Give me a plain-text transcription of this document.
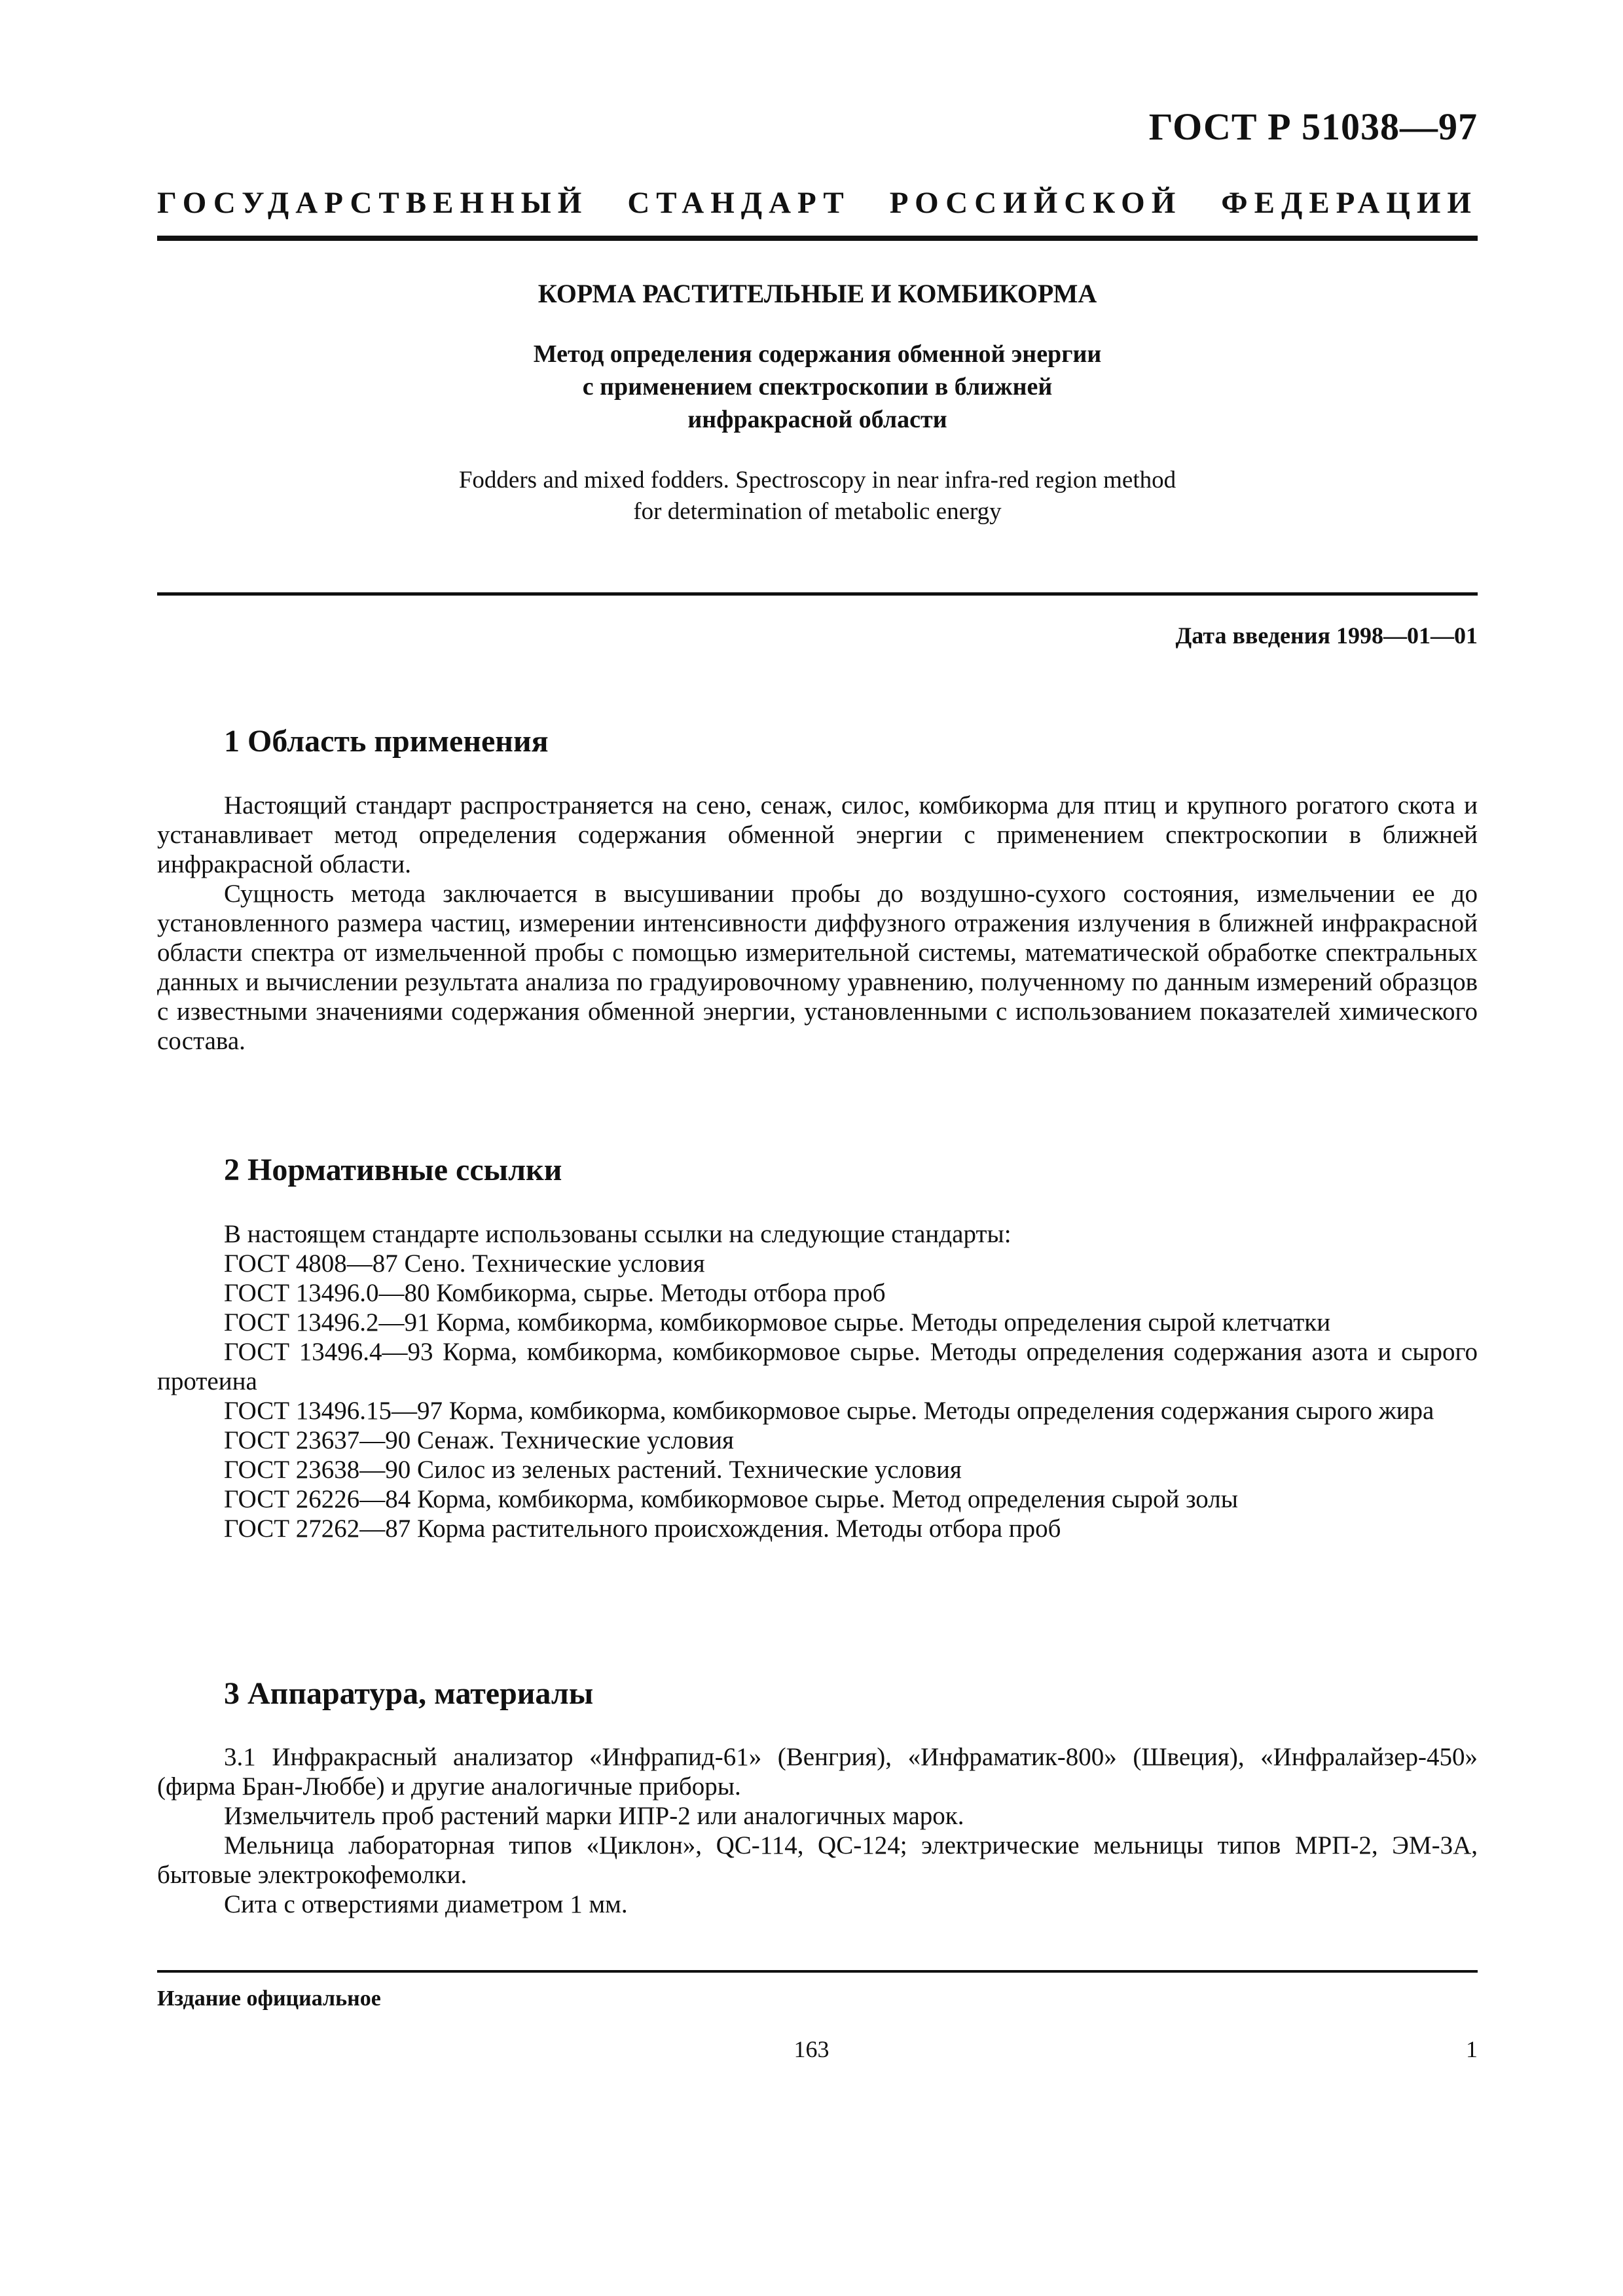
ГОСТ Р 51038—97
ГОСУДАРСТВЕННЫЙ СТАНДАРТ РОССИЙСКОЙ ФЕДЕРАЦИИ
КОРМА РАСТИТЕЛЬНЫЕ И КОМБИКОРМА
Метод определения содержания обменной энергии
с применением спектроскопии в ближней
инфракрасной области
Fodders and mixed fodders. Spectroscopy in near infra-red region method
for determination of metabolic energy
Дата введения 1998—01—01
1 Область применения

Настоящий стандарт распространяется на сено, сенаж, силос, комбикорма для птиц и крупного рогатого скота и устанавливает метод определения содержания обменной энергии с применением спектроскопии в ближней инфракрасной области.

Сущность метода заключается в высушивании пробы до воздушно-сухого состояния, измельчении ее до установленного размера частиц, измерении интенсивности диффузного отражения излучения в ближней инфракрасной области спектра от измельченной пробы с помощью измерительной системы, математической обработке спектральных данных и вычислении результата анализа по градуировочному уравнению, полученному по данным измерений образцов с известными значениями содержания обменной энергии, установленными с использованием показателей химического состава.

2 Нормативные ссылки

В настоящем стандарте использованы ссылки на следующие стандарты:

ГОСТ 4808—87 Сено. Технические условия

ГОСТ 13496.0—80 Комбикорма, сырье. Методы отбора проб

ГОСТ 13496.2—91 Корма, комбикорма, комбикормовое сырье. Методы определения сырой клетчатки

ГОСТ 13496.4—93 Корма, комбикорма, комбикормовое сырье. Методы определения содержания азота и сырого протеина

ГОСТ 13496.15—97 Корма, комбикорма, комбикормовое сырье. Методы определения содержания сырого жира

ГОСТ 23637—90 Сенаж. Технические условия

ГОСТ 23638—90 Силос из зеленых растений. Технические условия

ГОСТ 26226—84 Корма, комбикорма, комбикормовое сырье. Метод определения сырой золы

ГОСТ 27262—87 Корма растительного происхождения. Методы отбора проб

3 Аппаратура, материалы

3.1 Инфракрасный анализатор «Инфрапид-61» (Венгрия), «Инфраматик-800» (Швеция), «Инфралайзер-450» (фирма Бран-Люббе) и другие аналогичные приборы.

Измельчитель проб растений марки ИПР-2 или аналогичных марок.

Мельница лабораторная типов «Циклон», QC-114, QC-124; электрические мельницы типов МРП-2, ЭМ-3А, бытовые электрокофемолки.

Сита с отверстиями диаметром 1 мм.

Издание официальное
163	1
